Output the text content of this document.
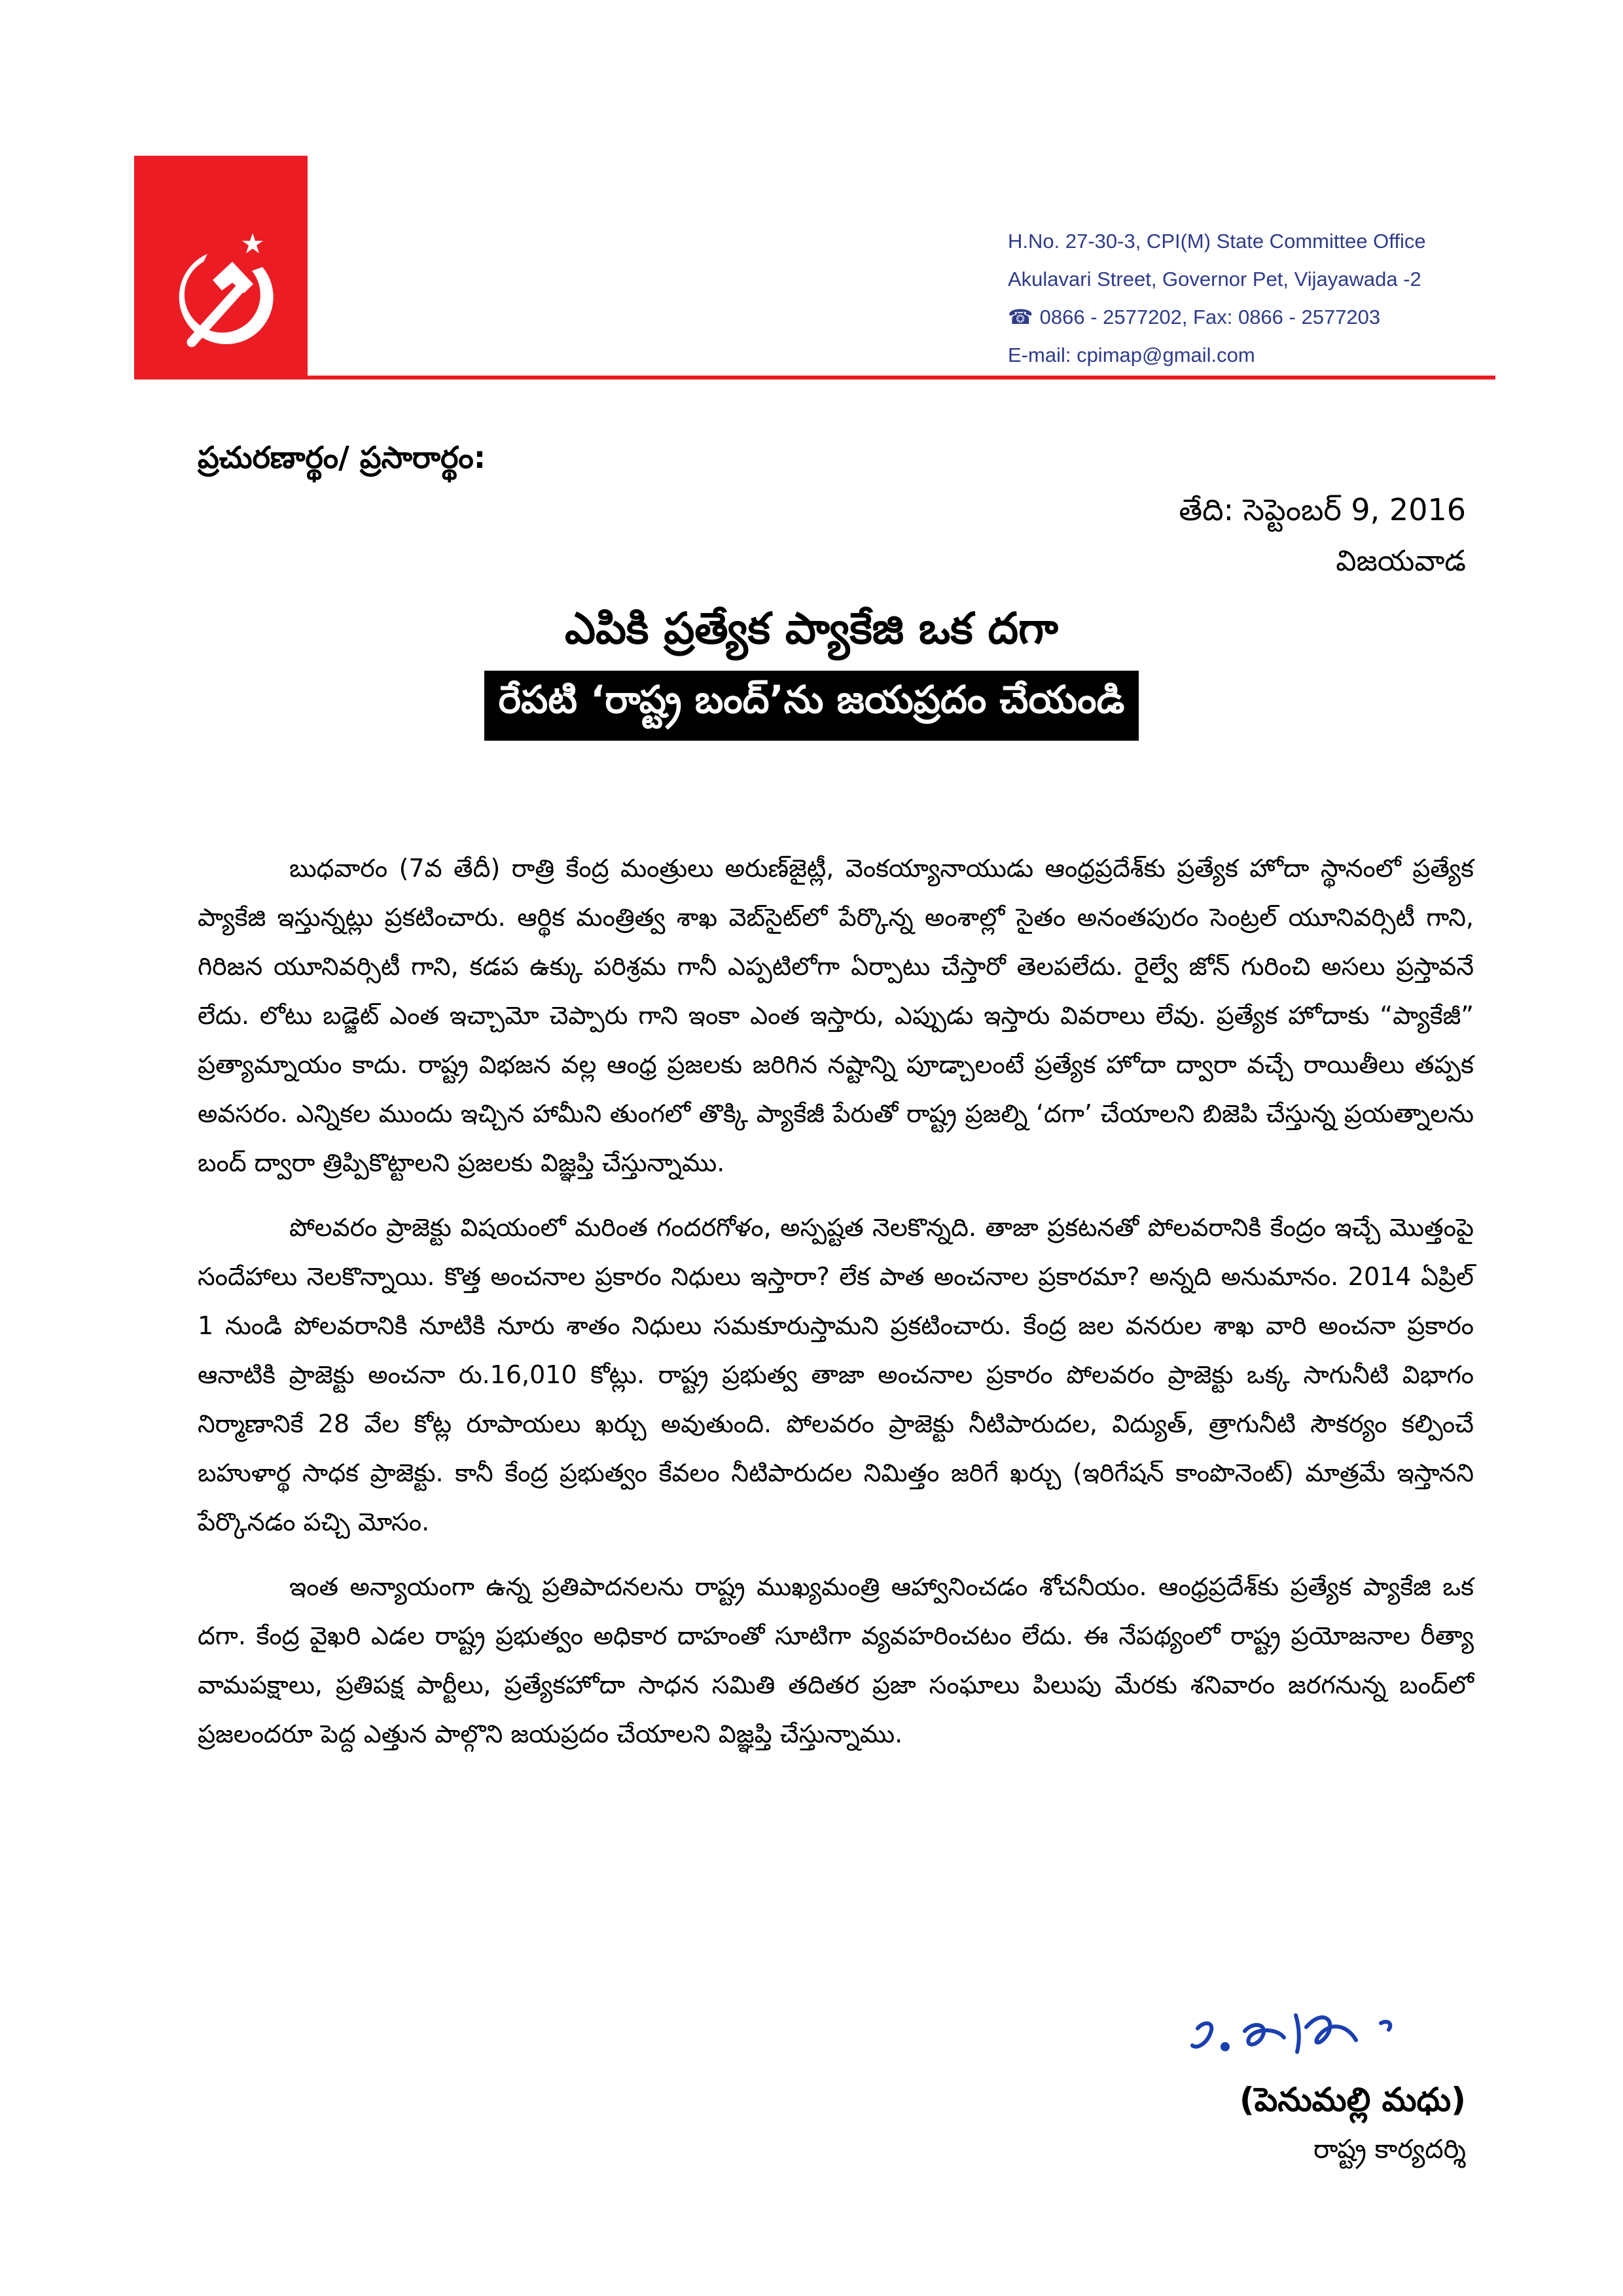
H.No. 27-30-3, CPI(M) State Committee Office
Akulavari Street, Governor Pet, Vijayawada -2
☎ 0866 - 2577202, Fax: 0866 - 2577203
E-mail: cpimap@gmail.com
ప్రచురణార్థం/ ప్రసారార్థం:
తేది: సెప్టెంబర్ 9, 2016
విజయవాడ
ఎపికి ప్రత్యేక ప్యాకేజి ఒక దగా
రేపటి ‘రాష్ట్ర బంద్’ను జయప్రదం చేయండి

బుధవారం (7వ తేదీ) రాత్రి కేంద్ర మంత్రులు అరుణ్‌జైట్లీ, వెంకయ్యానాయుడు ఆంధ్రప్రదేశ్‌కు ప్రత్యేక హోదా స్థానంలో ప్రత్యేక ప్యాకేజి ఇస్తున్నట్లు ప్రకటించారు. ఆర్థిక మంత్రిత్వ శాఖ వెబ్‌సైట్‌లో పేర్కొన్న అంశాల్లో సైతం అనంతపురం సెంట్రల్ యూనివర్సిటీ గాని, గిరిజన యూనివర్సిటీ గాని, కడప ఉక్కు పరిశ్రమ గానీ ఎప్పటిలోగా ఏర్పాటు చేస్తారో తెలపలేదు. రైల్వే జోన్ గురించి అసలు ప్రస్తావనే లేదు. లోటు బడ్జెట్ ఎంత ఇచ్చామో చెప్పారు గాని ఇంకా ఎంత ఇస్తారు, ఎప్పుడు ఇస్తారు వివరాలు లేవు. ప్రత్యేక హోదాకు “ప్యాకేజీ” ప్రత్యామ్నాయం కాదు. రాష్ట్ర విభజన వల్ల ఆంధ్ర ప్రజలకు జరిగిన నష్టాన్ని పూడ్చాలంటే ప్రత్యేక హోదా ద్వారా వచ్చే రాయితీలు తప్పక అవసరం. ఎన్నికల ముందు ఇచ్చిన హామీని తుంగలో తొక్కి ప్యాకేజీ పేరుతో రాష్ట్ర ప్రజల్ని ‘దగా’ చేయాలని బిజెపి చేస్తున్న ప్రయత్నాలను బంద్ ద్వారా త్రిప్పికొట్టాలని ప్రజలకు విజ్ఞప్తి చేస్తున్నాము.

పోలవరం ప్రాజెక్టు విషయంలో మరింత గందరగోళం, అస్పష్టత నెలకొన్నది. తాజా ప్రకటనతో పోలవరానికి కేంద్రం ఇచ్చే మొత్తంపై సందేహాలు నెలకొన్నాయి. కొత్త అంచనాల ప్రకారం నిధులు ఇస్తారా? లేక పాత అంచనాల ప్రకారమా? అన్నది అనుమానం. 2014 ఏప్రిల్ 1 నుండి పోలవరానికి నూటికి నూరు శాతం నిధులు సమకూరుస్తామని ప్రకటించారు. కేంద్ర జల వనరుల శాఖ వారి అంచనా ప్రకారం ఆనాటికి ప్రాజెక్టు అంచనా రు.16,010 కోట్లు. రాష్ట్ర ప్రభుత్వ తాజా అంచనాల ప్రకారం పోలవరం ప్రాజెక్టు ఒక్క సాగునీటి విభాగం నిర్మాణానికే 28 వేల కోట్ల రూపాయలు ఖర్చు అవుతుంది. పోలవరం ప్రాజెక్టు నీటిపారుదల, విద్యుత్, త్రాగునీటి సౌకర్యం కల్పించే బహుళార్థ సాధక ప్రాజెక్టు. కానీ కేంద్ర ప్రభుత్వం కేవలం నీటిపారుదల నిమిత్తం జరిగే ఖర్చు (ఇరిగేషన్ కాంపొనెంట్) మాత్రమే ఇస్తానని పేర్కొనడం పచ్చి మోసం.

ఇంత అన్యాయంగా ఉన్న ప్రతిపాదనలను రాష్ట్ర ముఖ్యమంత్రి ఆహ్వానించడం శోచనీయం. ఆంధ్రప్రదేశ్‌కు ప్రత్యేక ప్యాకేజి ఒక దగా. కేంద్ర వైఖరి ఎడల రాష్ట్ర ప్రభుత్వం అధికార దాహంతో సూటిగా వ్యవహరించటం లేదు. ఈ నేపథ్యంలో రాష్ట్ర ప్రయోజనాల రీత్యా వామపక్షాలు, ప్రతిపక్ష పార్టీలు, ప్రత్యేకహోదా సాధన సమితి తదితర ప్రజా సంఘాలు పిలుపు మేరకు శనివారం జరగనున్న బంద్‌లో ప్రజలందరూ పెద్ద ఎత్తున పాల్గొని జయప్రదం చేయాలని విజ్ఞప్తి చేస్తున్నాము.

(పెనుమల్లి మధు)
రాష్ట్ర కార్యదర్శి
